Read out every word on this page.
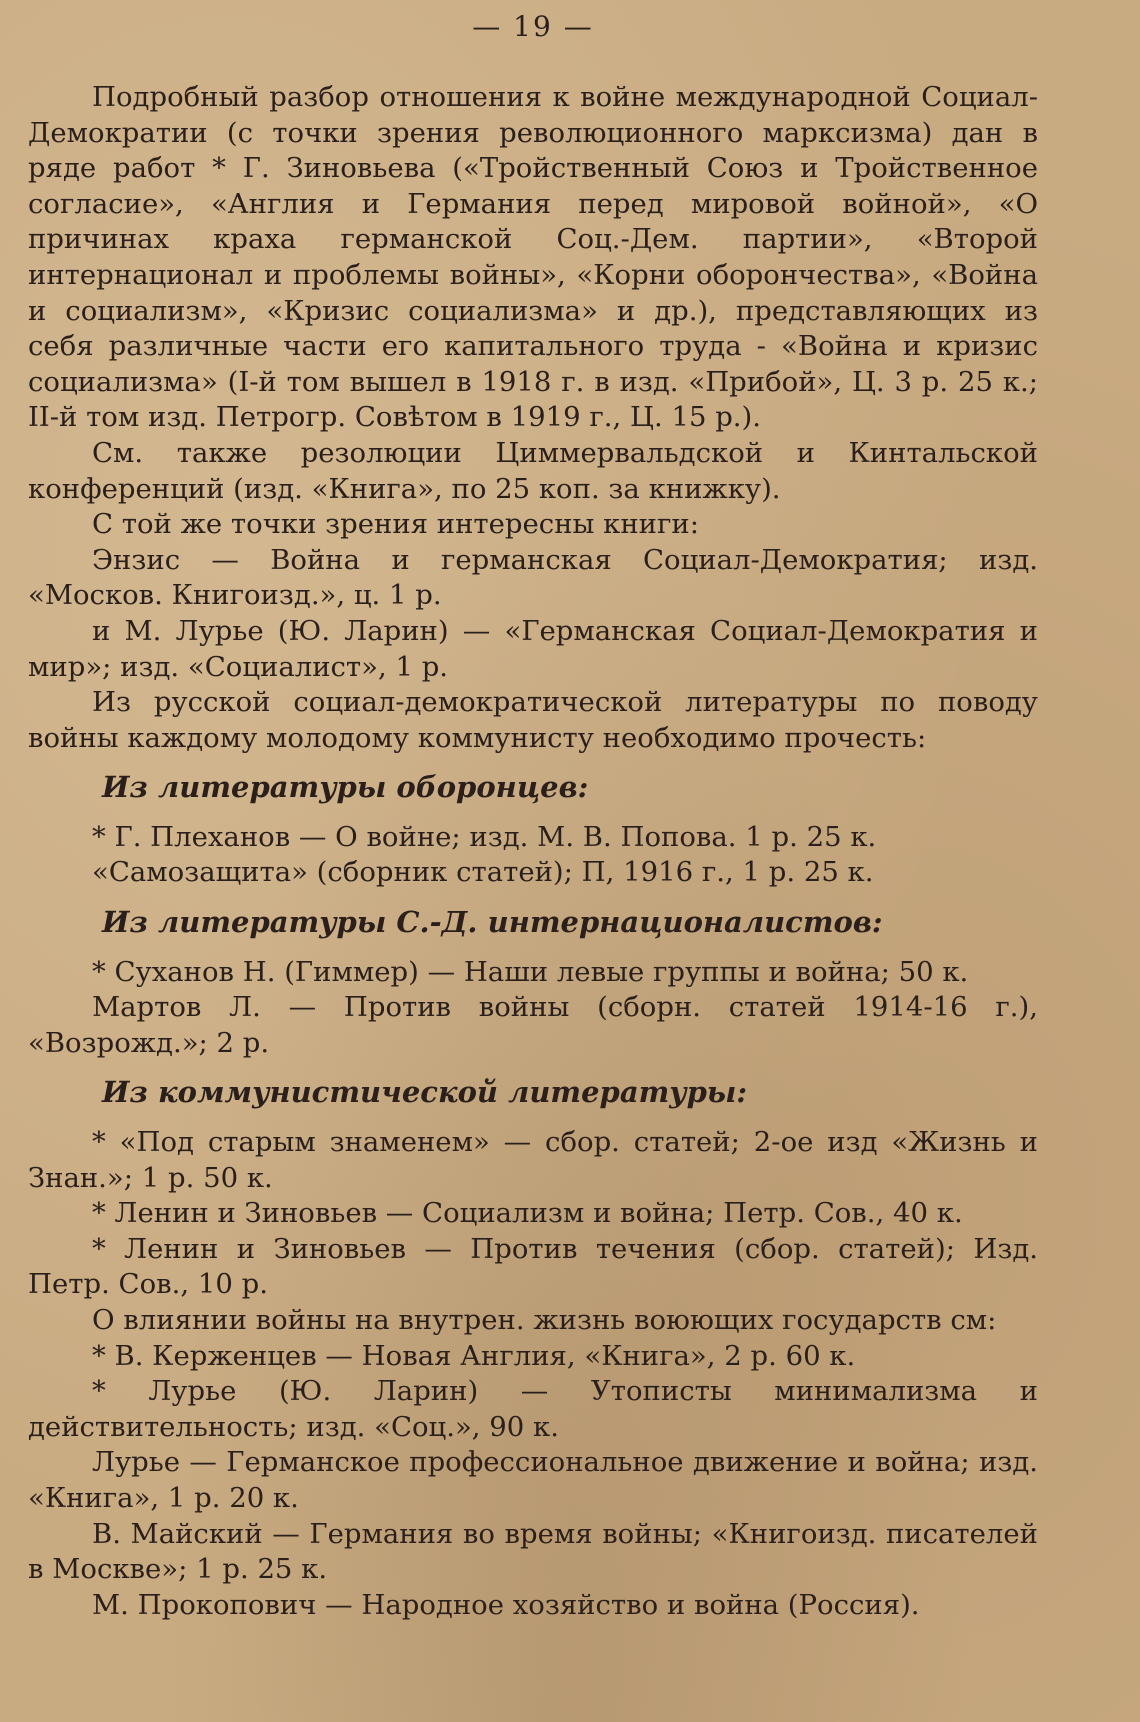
— 19 —

Подробный разбор отношения к войне международной Социал-Демократии (с точки зрения революционного марксизма) дан в ряде работ * Г. Зиновьева («Тройственный Союз и Тройственное согласие», «Англия и Германия перед мировой войной», «О причинах краха германской Соц.-Дем. партии», «Второй интернационал и проблемы войны», «Корни оборончества», «Война и социализм», «Кризис социализма» и др.), представляющих из себя различные части его капитального труда - «Война и кризис социализма» (I-й том вышел в 1918 г. в изд. «Прибой», Ц. 3 р. 25 к.; II-й том изд. Петрогр. Совѣтом в 1919 г., Ц. 15 р.).

См. также резолюции Циммервальдской и Кинтальской конференций (изд. «Книга», по 25 коп. за книжку).

С той же точки зрения интересны книги:

Энзис — Война и германская Социал-Демократия; изд. «Москов. Книгоизд.», ц. 1 р.

и М. Лурье (Ю. Ларин) — «Германская Социал-Демократия и мир»; изд. «Социалист», 1 р.

Из русской социал-демократической литературы по поводу войны каждому молодому коммунисту необходимо прочесть:

Из литературы оборонцев:

* Г. Плеханов — О войне; изд. М. В. Попова. 1 р. 25 к.

«Самозащита» (сборник статей); П, 1916 г., 1 р. 25 к.

Из литературы С.-Д. интернационалистов:

* Суханов Н. (Гиммер) — Наши левые группы и война; 50 к.

Мартов Л. — Против войны (сборн. статей 1914-16 г.), «Возрожд.»; 2 р.

Из коммунистической литературы:

* «Под старым знаменем» — сбор. статей; 2-ое изд «Жизнь и Знан.»; 1 р. 50 к.

* Ленин и Зиновьев — Социализм и война; Петр. Сов., 40 к.

* Ленин и Зиновьев — Против течения (сбор. статей); Изд. Петр. Сов., 10 р.

О влиянии войны на внутрен. жизнь воюющих государств см:

* В. Керженцев — Новая Англия, «Книга», 2 р. 60 к.

* Лурье (Ю. Ларин) — Утописты минимализма и действительность; изд. «Соц.», 90 к.

Лурье — Германское профессиональное движение и война; изд. «Книга», 1 р. 20 к.

В. Майский — Германия во время войны; «Книгоизд. писателей в Москве»; 1 р. 25 к.

М. Прокопович — Народное хозяйство и война (Россия).
